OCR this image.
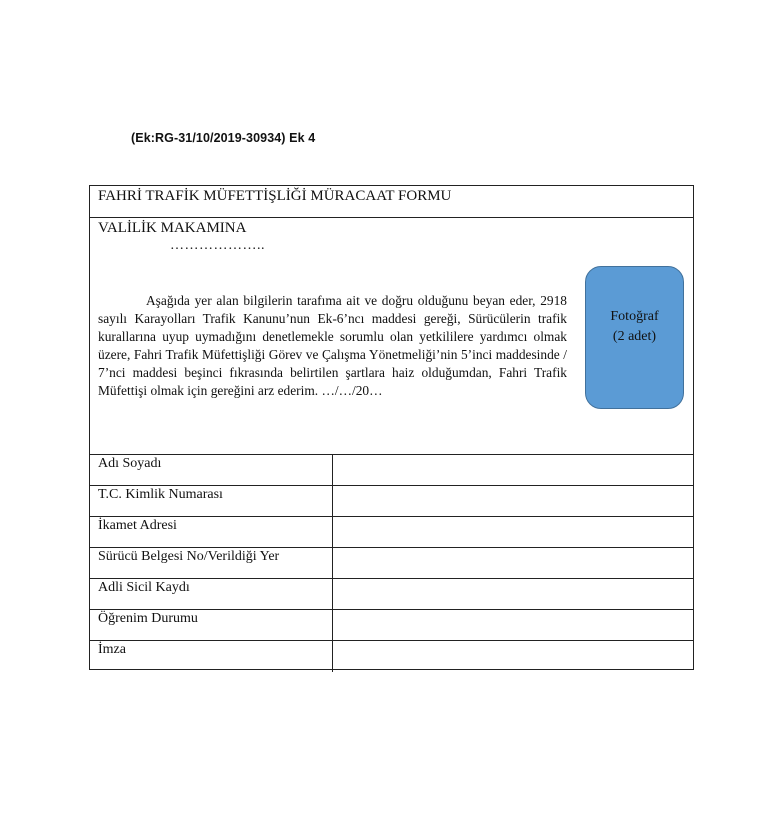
(Ek:RG-31/10/2019-30934) Ek 4
FAHRİ TRAFİK MÜFETTİŞLİĞİ MÜRACAAT FORMU
VALİLİK MAKAMINA
………………..

Aşağıda yer alan bilgilerin tarafıma ait ve doğru olduğunu beyan eder, 2918 sayılı Karayolları Trafik Kanunu’nun Ek-6’ncı maddesi gereği, Sürücülerin trafik kurallarına uyup uymadığını denetlemekle sorumlu olan yetkililere yardımcı olmak üzere, Fahri Trafik Müfettişliği Görev ve Çalışma Yönetmeliği’nin 5’inci maddesinde / 7’nci maddesi beşinci fıkrasında belirtilen şartlara haiz olduğumdan, Fahri Trafik Müfettişi olmak için gereğini arz ederim. …/…/20…

Fotoğraf
(2 adet)
Adı Soyadı	
T.C. Kimlik Numarası	
İkamet Adresi	
Sürücü Belgesi No/Verildiği Yer	
Adli Sicil Kaydı	
Öğrenim Durumu	
İmza	
